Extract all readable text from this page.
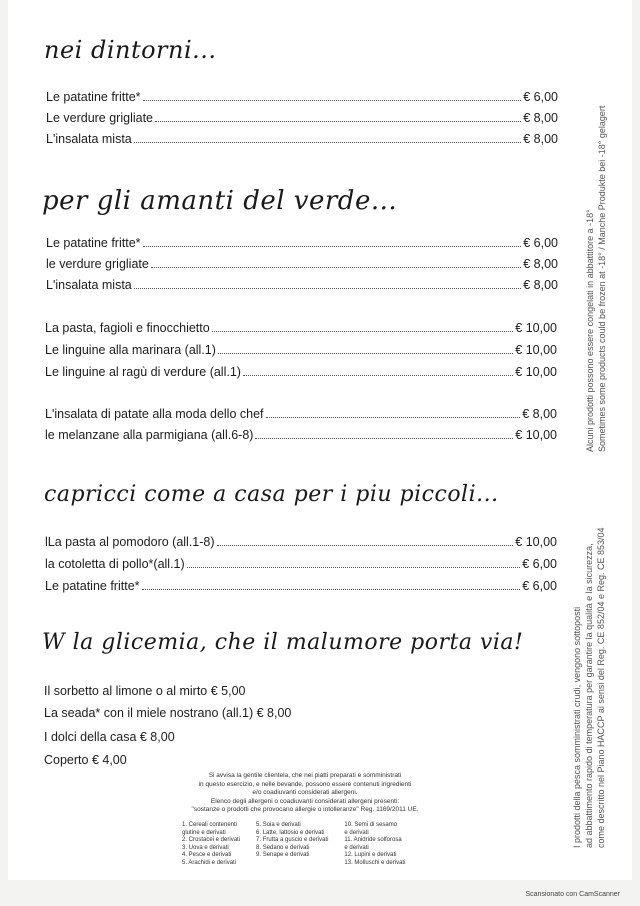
nei dintorni...
Le patatine fritte*	€ 6,00
Le verdure grigliate	€ 8,00
L'insalata mista	€ 8,00
per gli amanti del verde...
Le patatine fritte*	€ 6,00
le verdure grigliate	€ 8,00
L'insalata mista	€ 8,00
La pasta, fagioli e finocchietto	€ 10,00
Le linguine alla marinara (all.1)	€ 10,00
Le linguine al ragù di verdure (all.1)	€ 10,00
L'insalata di patate alla moda dello chef	€ 8,00
le melanzane alla parmigiana (all.6-8)	€ 10,00
capricci come a casa per i piu piccoli...
lLa pasta al pomodoro (all.1-8)	€ 10,00
la cotoletta di pollo*(all.1)	€ 6,00
Le patatine fritte*	€ 6,00
W la glicemia, che il malumore porta via!
Il sorbetto al limone o al mirto € 5,00
La seada* con il miele nostrano (all.1) € 8,00
I dolci della casa € 8,00
Coperto € 4,00
Si avvisa la gentile clientela, che nei piatti preparati e somministrati
in questo esercizio, e nelle bevande, possono essere contenuti ingredienti
e/o coadiuvanti considerati allergeni.
Elenco degli allergeni o coadiuvanti considerati allergeni presenti:
"sostanze o prodotti che provocano allergie o intolleranze" Reg. 1169/2011 UE.
1. Cereali contenenti
glutine e derivati
2. Crostacei e derivati
3. Uova e derivati
4. Pesce e derivati
5. Arachidi e derivati
5. Soia e derivati
6. Latte, lattosio e derivati
7. Frutta a guscio e derivati
8. Sedano e derivati
9. Senape e derivati
10. Semi di sesamo
e derivati
11. Anidride solforosa
e derivati
12. Lupini e derivati
13. Molluschi e derivati
Alcuni prodotti possono essere congelati in abbattitore a -18° Sometimes some products could be frozen at -18° / Manche Produkte bei -18° gelagert
I prodotti della pesca somministrati crudi, vengono sottoposti ad abbattimento rapido di temperatura per garantire la qualità e la sicurezza, come descritto nel Piano HACCP ai sensi del Reg. CE 852/04 e Reg. CE 853/04
Scansionato con CamScanner
